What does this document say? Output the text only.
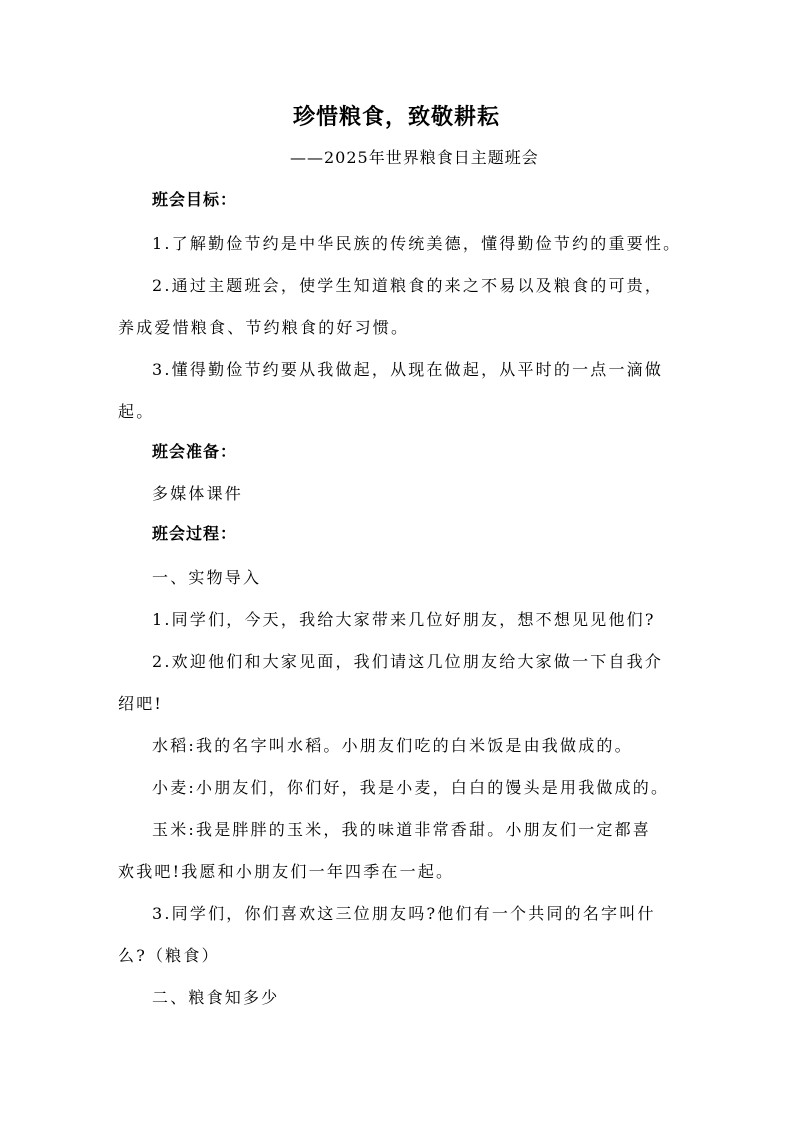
珍惜粮食，致敬耕耘
——2025年世界粮食日主题班会
班会目标：
1.了解勤俭节约是中华民族的传统美德，懂得勤俭节约的重要性。
2.通过主题班会，使学生知道粮食的来之不易以及粮食的可贵，
养成爱惜粮食、节约粮食的好习惯。
3.懂得勤俭节约要从我做起，从现在做起，从平时的一点一滴做
起。
班会准备：
多媒体课件
班会过程：
一、实物导入
1.同学们，今天，我给大家带来几位好朋友，想不想见见他们?
2.欢迎他们和大家见面，我们请这几位朋友给大家做一下自我介
绍吧!
水稻:我的名字叫水稻。小朋友们吃的白米饭是由我做成的。
小麦:小朋友们，你们好，我是小麦，白白的馒头是用我做成的。
玉米:我是胖胖的玉米，我的味道非常香甜。小朋友们一定都喜
欢我吧!我愿和小朋友们一年四季在一起。
3.同学们，你们喜欢这三位朋友吗?他们有一个共同的名字叫什
么?（粮食）
二、粮食知多少
